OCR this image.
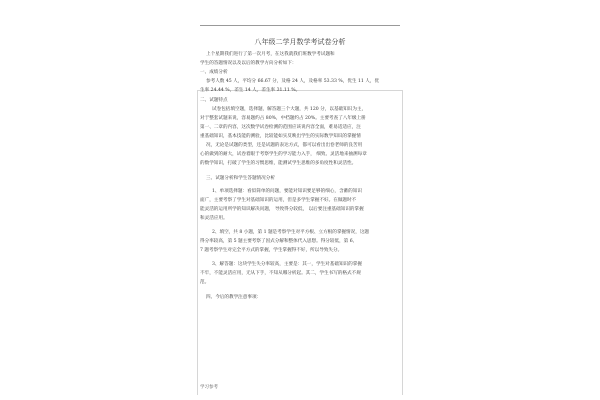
八年级二学月数学考试卷分析
上个星期我们进行了第一次月考，在这我就我们班数学考试题和
学生的答题情况以及以后的教学方向分析如下：
一、成绩分析
参考人数 45 人，平均分 66.67 分，及格 24 人，及格率 53.33 %，优生 11 人，优
生率 24.44 %，差生 14 人，差生率 31.11 %。
二、试题特点
试卷包括填空题，选择题，解答题三个大题，共 120 分，以基础知识为主，
对于整套试题来说，容易题约占 80%，中档题约占 20%。主要考查了八年级上册
第一、二章的内容，这次数学试卷检测的范围应该说内容全面，难易适适应，注
重基础知识，基本技能的测验，比较能如实反映出学生的实际数学知识的掌握情
况，无论是试题的类型，还是试题的表达方式，都可以看出出卷老师的良苦用
心的做到的耐大，试卷着眼于考察学生的学习能力入手， 细致、灵活地来抽测每章
的数学知识，打破了学生的习惯思维，能测试学生思维的多角度性和灵活性。
三、试题分析和学生答题情况分析
1、单项选择题：看似简单的问题，要能对知识要足够的细心，含蓄的知识
面广，主要考察了学生对基础知识的运用，但是多学生掌握不好。在做题时不
能灵活的运用所学的知识解决问题， 导致得分较低， 以后要注重基础知识的掌握
和灵活应用。
2、填空，共 8 小题，第 1 题是考察学生对平方根、立方根的掌握情况，这题
得分率较高，第 5 题主要考察了因式分解和整体代入思想。得分较低，第 6、
7 题考察学生对完全平方式的掌握，学生掌握得不好，所以导致失分。
3、解答题：这块学生失分率较高，主要是：其一，学生对基础知识的掌握
不牢，不能灵活应用，无从下手，不知从哪分析起。其二，学生书写的格式不规
范。
四、今后的教学注意事项：
学习参考
